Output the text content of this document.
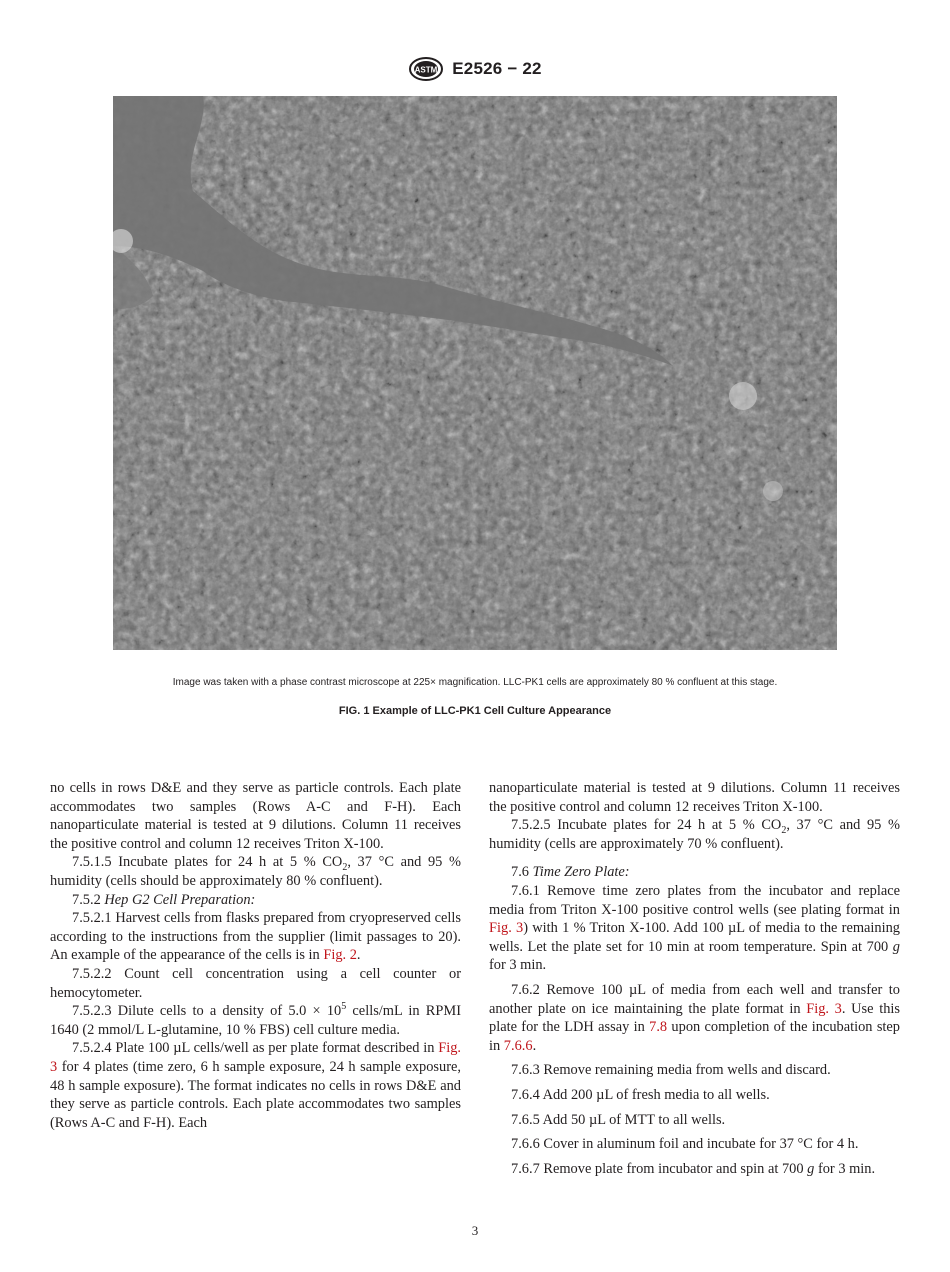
ASTM E2526 − 22
Image was taken with a phase contrast microscope at 225× magnification. LLC-PK1 cells are approximately 80 % confluent at this stage.
FIG. 1 Example of LLC-PK1 Cell Culture Appearance

no cells in rows D&E and they serve as particle controls. Each plate accommodates two samples (Rows A-C and F-H). Each nanoparticulate material is tested at 9 dilutions. Column 11 receives the positive control and column 12 receives Triton X-100.

7.5.1.5 Incubate plates for 24 h at 5 % $CO_2$, 37 °C and 95 % humidity (cells should be approximately 80 % confluent).

7.5.2 Hep G2 Cell Preparation:

7.5.2.1 Harvest cells from flasks prepared from cryopreserved cells according to the instructions from the supplier (limit passages to 20). An example of the appearance of the cells is in Fig. 2.

7.5.2.2 Count cell concentration using a cell counter or hemocytometer.

7.5.2.3 Dilute cells to a density of $5.0 \times 10^5$ cells/mL in RPMI 1640 (2 mmol/L L-glutamine, 10 % FBS) cell culture media.

7.5.2.4 Plate 100 µL cells/well as per plate format described in Fig. 3 for 4 plates (time zero, 6 h sample exposure, 24 h sample exposure, 48 h sample exposure). The format indicates no cells in rows D&E and they serve as particle controls. Each plate accommodates two samples (Rows A-C and F-H). Each

nanoparticulate material is tested at 9 dilutions. Column 11 receives the positive control and column 12 receives Triton X-100.

7.5.2.5 Incubate plates for 24 h at 5 % $CO_2$, 37 °C and 95 % humidity (cells are approximately 70 % confluent).

7.6 Time Zero Plate:

7.6.1 Remove time zero plates from the incubator and replace media from Triton X-100 positive control wells (see plating format in Fig. 3) with 1 % Triton X-100. Add 100 µL of media to the remaining wells. Let the plate set for 10 min at room temperature. Spin at 700 g for 3 min.

7.6.2 Remove 100 µL of media from each well and transfer to another plate on ice maintaining the plate format in Fig. 3. Use this plate for the LDH assay in 7.8 upon completion of the incubation step in 7.6.6.

7.6.3 Remove remaining media from wells and discard.

7.6.4 Add 200 µL of fresh media to all wells.

7.6.5 Add 50 µL of MTT to all wells.

7.6.6 Cover in aluminum foil and incubate for 37 °C for 4 h.

7.6.7 Remove plate from incubator and spin at 700 g for 3 min.

3
